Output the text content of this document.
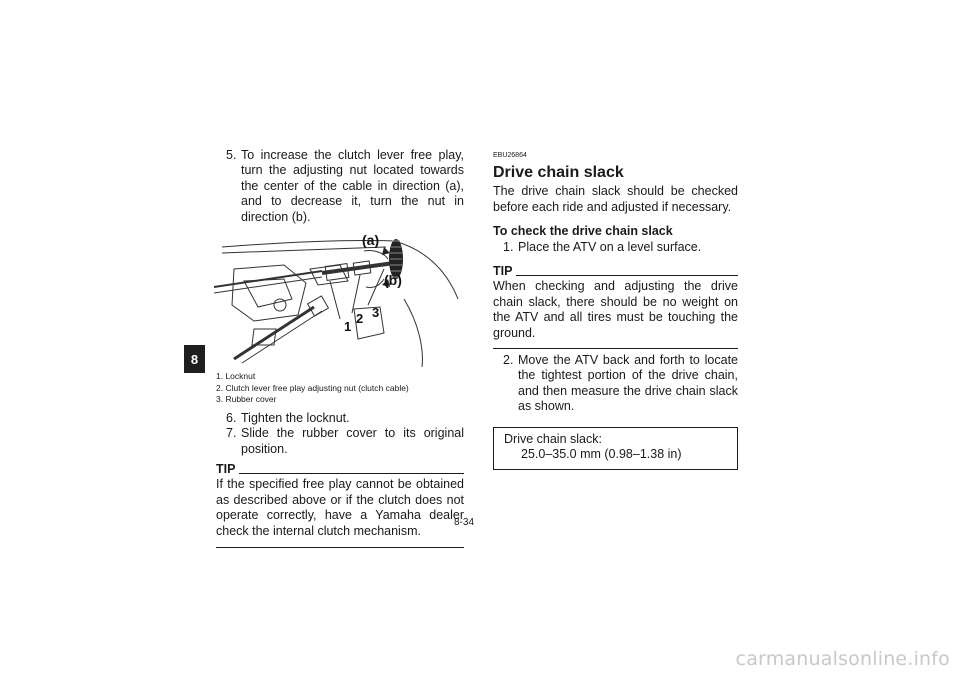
8
5. To increase the clutch lever free play, turn the adjusting nut located towards the center of the cable in direction (a), and to decrease it, turn the nut in direction (b).
(a)
(b)
1
2 3
1. Locknut
2. Clutch lever free play adjusting nut (clutch cable)
3. Rubber cover
6. Tighten the locknut.
7. Slide the rubber cover to its original position.
TIP
If the specified free play cannot be obtained as described above or if the clutch does not operate correctly, have a Yamaha dealer check the internal clutch mechanism.
EBU26864
Drive chain slack
The drive chain slack should be checked before each ride and adjusted if necessary.
To check the drive chain slack
1. Place the ATV on a level surface.
TIP
When checking and adjusting the drive chain slack, there should be no weight on the ATV and all tires must be touching the ground.
2. Move the ATV back and forth to locate the tightest portion of the drive chain, and then measure the drive chain slack as shown.
Drive chain slack:
25.0–35.0 mm (0.98–1.38 in)
8-34
carmanualsonline.info
